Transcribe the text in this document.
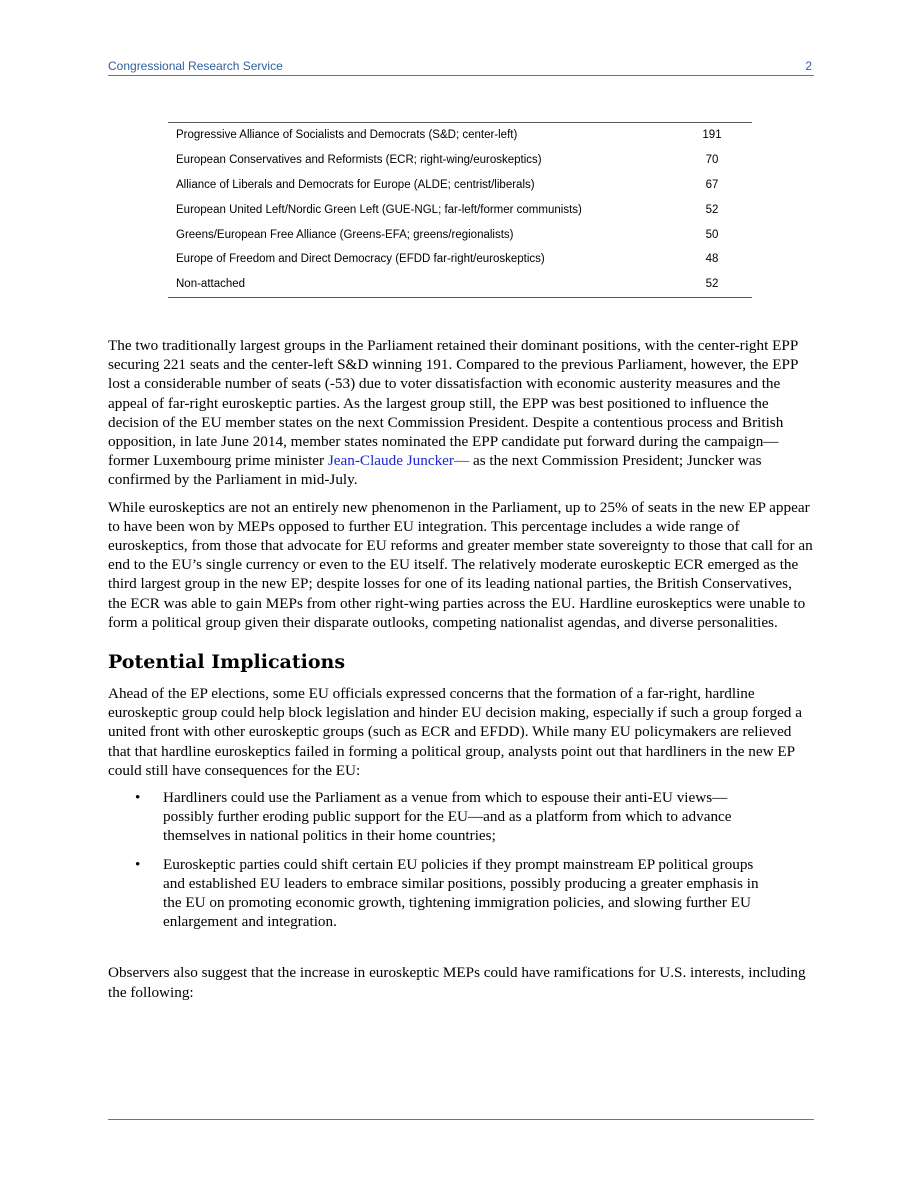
Congressional Research Service	2
Progressive Alliance of Socialists and Democrats (S&D; center-left)	191
European Conservatives and Reformists (ECR; right-wing/euroskeptics)	70
Alliance of Liberals and Democrats for Europe (ALDE; centrist/liberals)	67
European United Left/Nordic Green Left (GUE-NGL; far-left/former communists)	52
Greens/European Free Alliance (Greens-EFA; greens/regionalists)	50
Europe of Freedom and Direct Democracy (EFDD far-right/euroskeptics)	48
Non-attached	52

The two traditionally largest groups in the Parliament retained their dominant positions, with the center-right EPP securing 221 seats and the center-left S&D winning 191. Compared to the previous Parliament, however, the EPP lost a considerable number of seats (-53) due to voter dissatisfaction with economic austerity measures and the appeal of far-right euroskeptic parties. As the largest group still, the EPP was best positioned to influence the decision of the EU member states on the next Commission President. Despite a contentious process and British opposition, in late June 2014, member states nominated the EPP candidate put forward during the campaign—former Luxembourg prime minister Jean-Claude Juncker— as the next Commission President; Juncker was confirmed by the Parliament in mid-July.

While euroskeptics are not an entirely new phenomenon in the Parliament, up to 25% of seats in the new EP appear to have been won by MEPs opposed to further EU integration. This percentage includes a wide range of euroskeptics, from those that advocate for EU reforms and greater member state sovereignty to those that call for an end to the EU’s single currency or even to the EU itself. The relatively moderate euroskeptic ECR emerged as the third largest group in the new EP; despite losses for one of its leading national parties, the British Conservatives, the ECR was able to gain MEPs from other right-wing parties across the EU. Hardline euroskeptics were unable to form a political group given their disparate outlooks, competing nationalist agendas, and diverse personalities.

Potential Implications

Ahead of the EP elections, some EU officials expressed concerns that the formation of a far-right, hardline euroskeptic group could help block legislation and hinder EU decision making, especially if such a group forged a united front with other euroskeptic groups (such as ECR and EFDD). While many EU policymakers are relieved that that hardline euroskeptics failed in forming a political group, analysts point out that hardliners in the new EP could still have consequences for the EU:

• Hardliners could use the Parliament as a venue from which to espouse their anti-EU views—possibly further eroding public support for the EU—and as a platform from which to advance themselves in national politics in their home countries;
• Euroskeptic parties could shift certain EU policies if they prompt mainstream EP political groups and established EU leaders to embrace similar positions, possibly producing a greater emphasis in the EU on promoting economic growth, tightening immigration policies, and slowing further EU enlargement and integration.

Observers also suggest that the increase in euroskeptic MEPs could have ramifications for U.S. interests, including the following:
